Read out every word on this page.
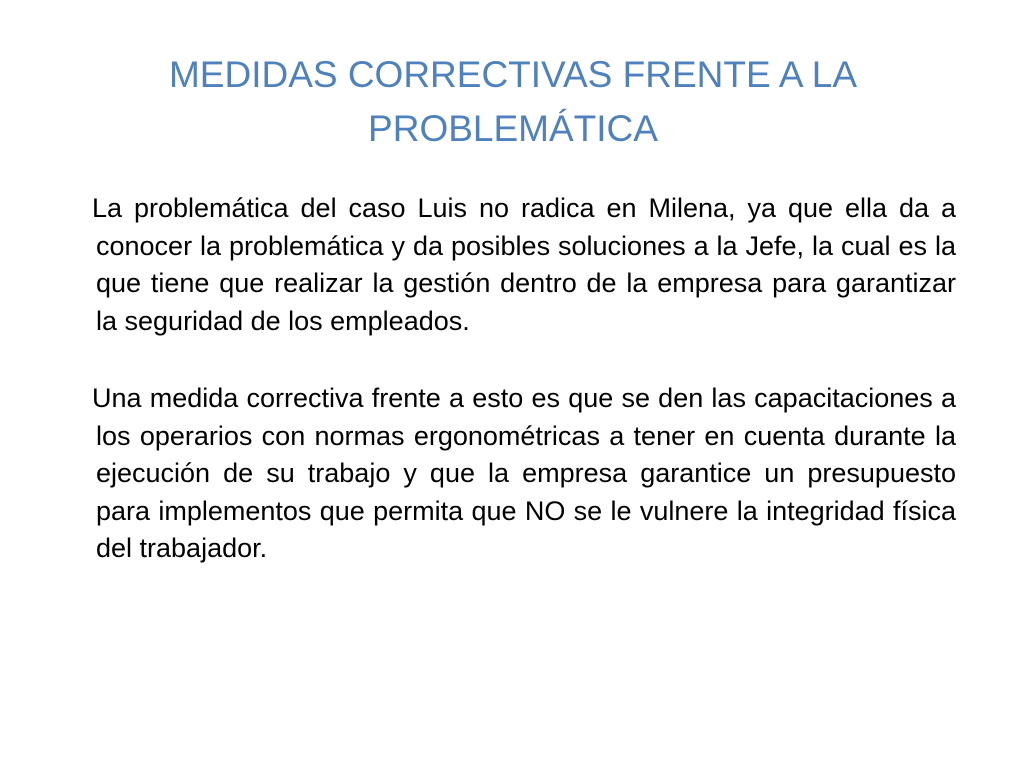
MEDIDAS CORRECTIVAS FRENTE A LA PROBLEMÁTICA

La problemática del caso Luis no radica en Milena, ya que ella da a conocer la problemática y da posibles soluciones a la Jefe, la cual es la que tiene que realizar la gestión dentro de la empresa para garantizar la seguridad de los empleados.

Una medida correctiva frente a esto es que se den las capacitaciones a los operarios con normas ergonométricas a tener en cuenta durante la ejecución de su trabajo y que la empresa garantice un presupuesto para implementos que permita que NO se le vulnere la integridad física del trabajador.
